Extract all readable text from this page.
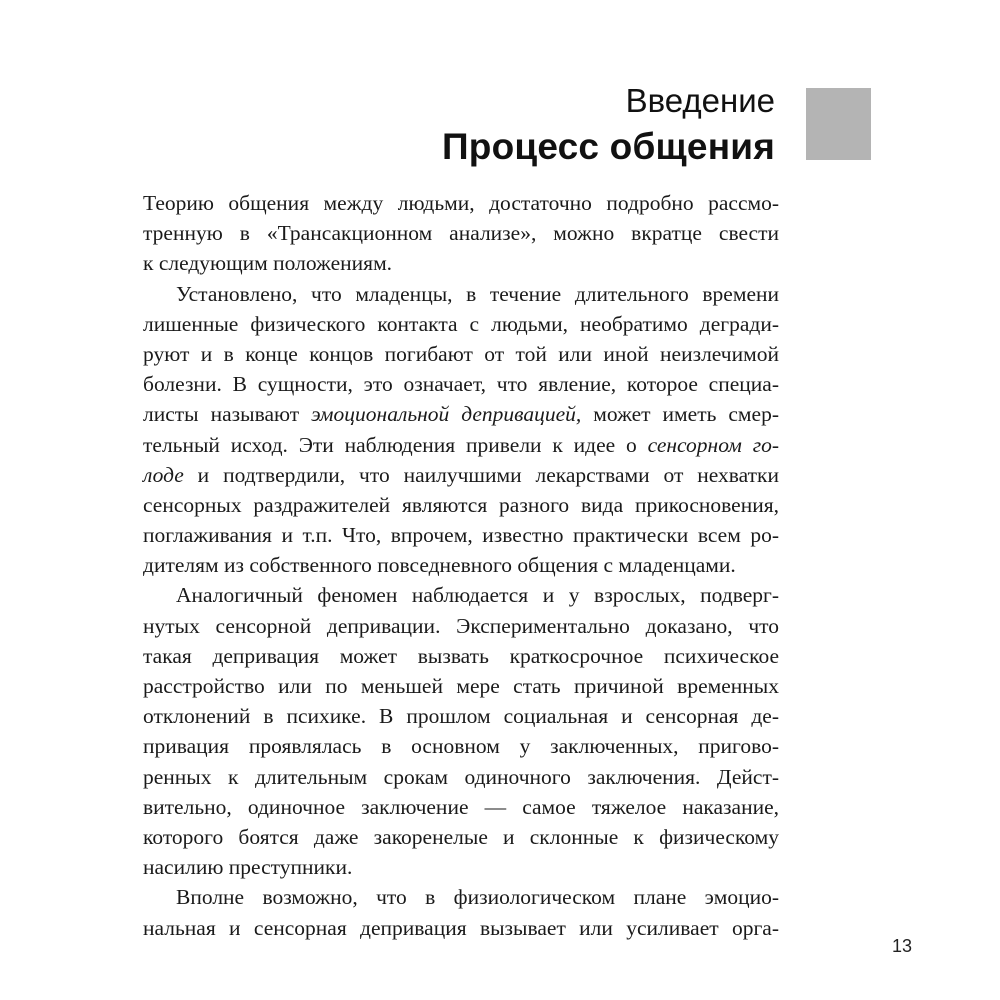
Введение
Процесс общения
Теорию общения между людьми, достаточно подробно рассмо-
тренную в «Трансакционном анализе», можно вкратце свести
к следующим положениям.
Установлено, что младенцы, в течение длительного времени
лишенные физического контакта с людьми, необратимо дегради-
руют и в конце концов погибают от той или иной неизлечимой
болезни. В сущности, это означает, что явление, которое специа-
листы называют эмоциональной депривацией, может иметь смер-
тельный исход. Эти наблюдения привели к идее о сенсорном го-
лоде и подтвердили, что наилучшими лекарствами от нехватки
сенсорных раздражителей являются разного вида прикосновения,
поглаживания и т.п. Что, впрочем, известно практически всем ро-
дителям из собственного повседневного общения с младенцами.
Аналогичный феномен наблюдается и у взрослых, подверг-
нутых сенсорной депривации. Экспериментально доказано, что
такая депривация может вызвать краткосрочное психическое
расстройство или по меньшей мере стать причиной временных
отклонений в психике. В прошлом социальная и сенсорная де-
привация проявлялась в основном у заключенных, пригово-
ренных к длительным срокам одиночного заключения. Дейст-
вительно, одиночное заключение — самое тяжелое наказание,
которого боятся даже закоренелые и склонные к физическому
насилию преступники.
Вполне возможно, что в физиологическом плане эмоцио-
нальная и сенсорная депривация вызывает или усиливает орга-
13
